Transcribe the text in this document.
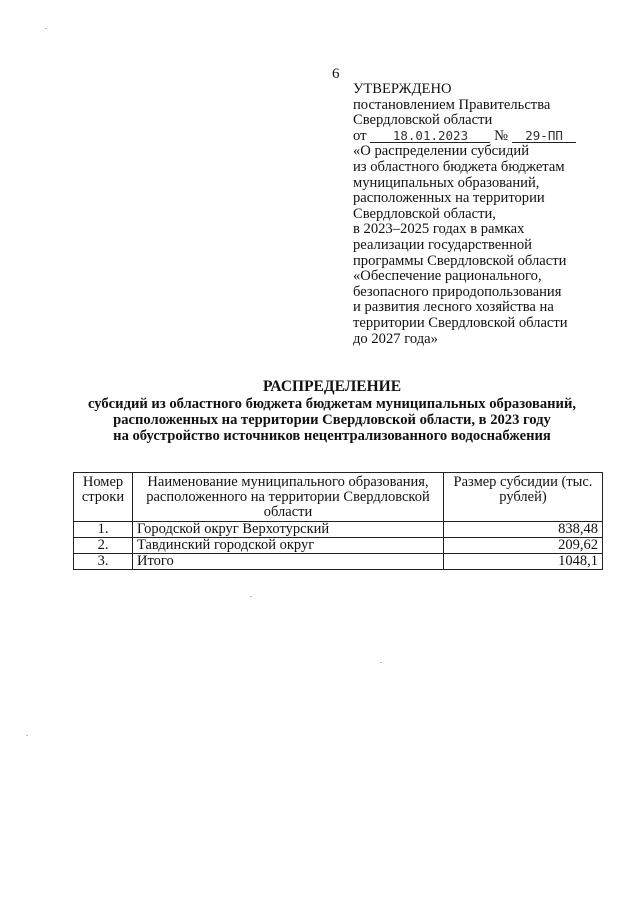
6
УТВЕРЖДЕНО
постановлением Правительства
Свердловской области
от 18.01.2023 № 29-ПП
«О распределении субсидий
из областного бюджета бюджетам
муниципальных образований,
расположенных на территории
Свердловской области,
в 2023–2025 годах в рамках
реализации государственной
программы Свердловской области
«Обеспечение рационального,
безопасного природопользования
и развития лесного хозяйства на
территории Свердловской области
до 2027 года»
РАСПРЕДЕЛЕНИЕ
субсидий из областного бюджета бюджетам муниципальных образований,
расположенных на территории Свердловской области, в 2023 году
на обустройство источников нецентрализованного водоснабжения
Номер строки	Наименование муниципального образования, расположенного на территории Свердловской области	Размер субсидии (тыс. рублей)
1.	Городской округ Верхотурский	838,48
2.	Тавдинский городской округ	209,62
3.	Итого	1048,1
